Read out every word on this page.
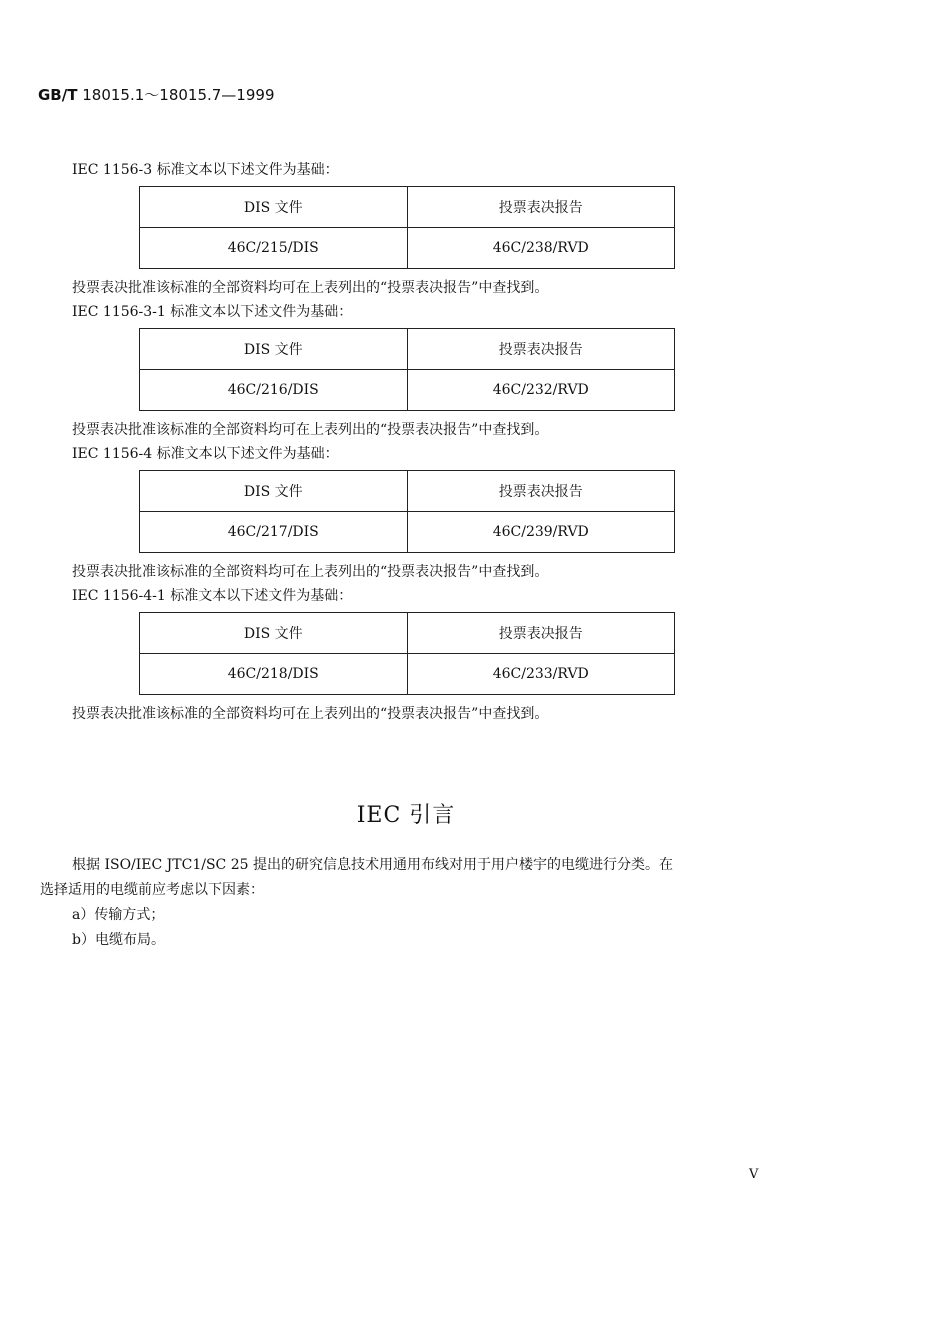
GB/T 18015.1～18015.7—1999
IEC 1156-3 标准文本以下述文件为基础：
DIS 文件	投票表决报告
46C/215/DIS	46C/238/RVD
投票表决批准该标准的全部资料均可在上表列出的“投票表决报告”中查找到。
IEC 1156-3-1 标准文本以下述文件为基础：
DIS 文件	投票表决报告
46C/216/DIS	46C/232/RVD
投票表决批准该标准的全部资料均可在上表列出的“投票表决报告”中查找到。
IEC 1156-4 标准文本以下述文件为基础：
DIS 文件	投票表决报告
46C/217/DIS	46C/239/RVD
投票表决批准该标准的全部资料均可在上表列出的“投票表决报告”中查找到。
IEC 1156-4-1 标准文本以下述文件为基础：
DIS 文件	投票表决报告
46C/218/DIS	46C/233/RVD
投票表决批准该标准的全部资料均可在上表列出的“投票表决报告”中查找到。
IEC 引言
根据 ISO/IEC JTC1/SC 25 提出的研究信息技术用通用布线对用于用户楼宇的电缆进行分类。在
选择适用的电缆前应考虑以下因素：
a）传输方式；
b）电缆布局。
V
